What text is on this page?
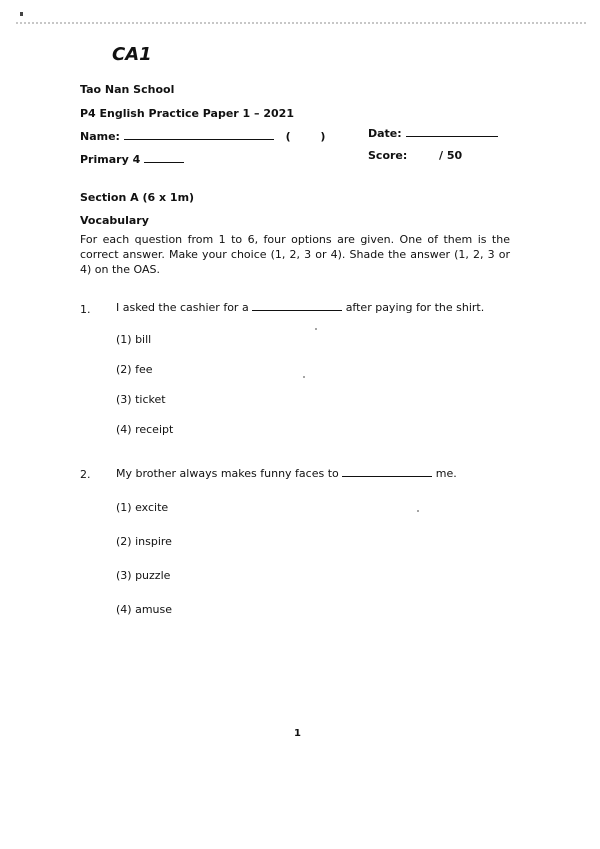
CA1
Tao Nan School
P4 English Practice Paper 1 – 2021
Name:	(	)	Date:
Primary 4	Score:	/ 50
Section A (6 x 1m)
Vocabulary
For each question from 1 to 6, four options are given. One of them is the correct answer. Make your choice (1, 2, 3 or 4). Shade the answer (1, 2, 3 or 4) on the OAS.
1. I asked the cashier for a	after paying for the shirt.
(1) bill
(2) fee
(3) ticket
(4) receipt
2. My brother always makes funny faces to	me.
(1) excite
(2) inspire
(3) puzzle
(4) amuse
1
